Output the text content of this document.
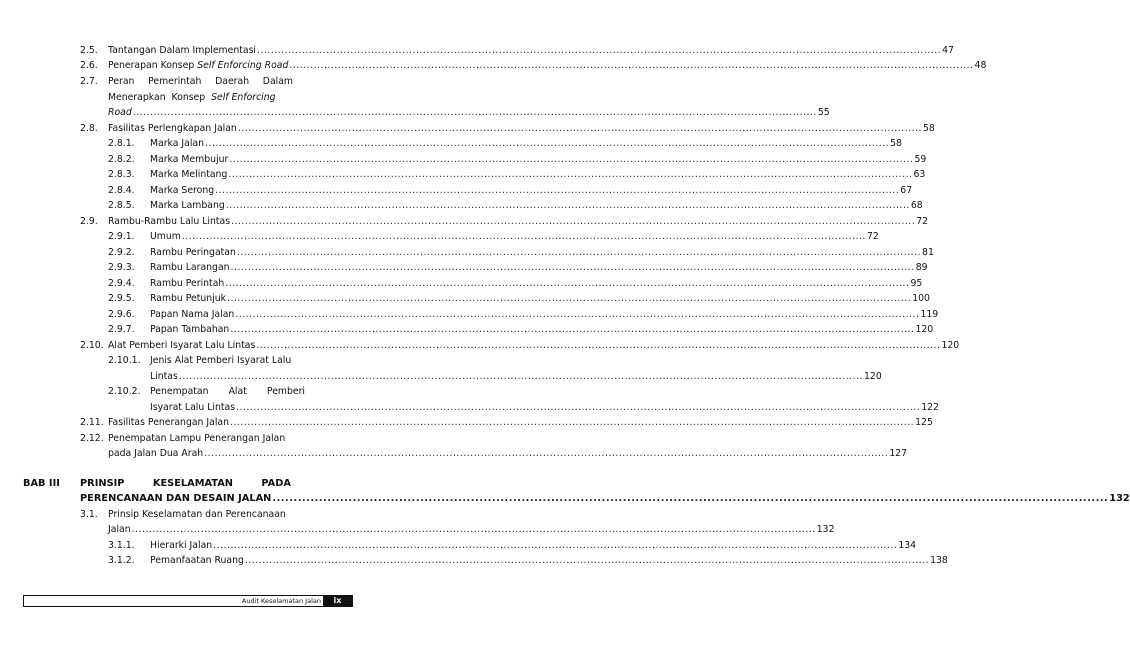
2.5.	Tantangan Dalam Implementasi .....	47
2.6.	Penerapan Konsep Self Enforcing Road .....	48
2.7.	Peran Pemerintah Daerah Dalam
Menerapkan  Konsep Self Enforcing
Road .....	55
2.8.	Fasilitas Perlengkapan Jalan .....	58
2.8.1.	Marka Jalan .....	58
2.8.2.	Marka Membujur .....	59
2.8.3.	Marka Melintang .....	63
2.8.4.	Marka Serong .....	67
2.8.5.	Marka Lambang .....	68
2.9.	Rambu-Rambu Lalu Lintas .....	72
2.9.1.	Umum .....	72
2.9.2.	Rambu Peringatan .....	81
2.9.3.	Rambu Larangan .....	89
2.9.4.	Rambu Perintah .....	95
2.9.5.	Rambu Petunjuk .....	100
2.9.6.	Papan Nama Jalan .....	119
2.9.7.	Papan Tambahan .....	120
2.10. Alat Pemberi Isyarat Lalu Lintas .....	120
2.10.1.	Jenis Alat Pemberi Isyarat Lalu
Lintas .....	120
2.10.2.	Penempatan Alat Pemberi
Isyarat Lalu Lintas .....	122
2.11. Fasilitas Penerangan Jalan .....	125
2.12. Penempatan Lampu Penerangan Jalan
pada Jalan Dua Arah .....	127
BAB III	PRINSIP	KESELAMATAN	PADA
PERENCANAAN DAN DESAIN JALAN .....	132
3.1.	Prinsip Keselamatan dan Perencanaan
Jalan .....	132
3.1.1.	Hierarki Jalan .....	134
3.1.2.	Pemanfaatan Ruang .....	138
Audit Keselamatan Jalan	ix
